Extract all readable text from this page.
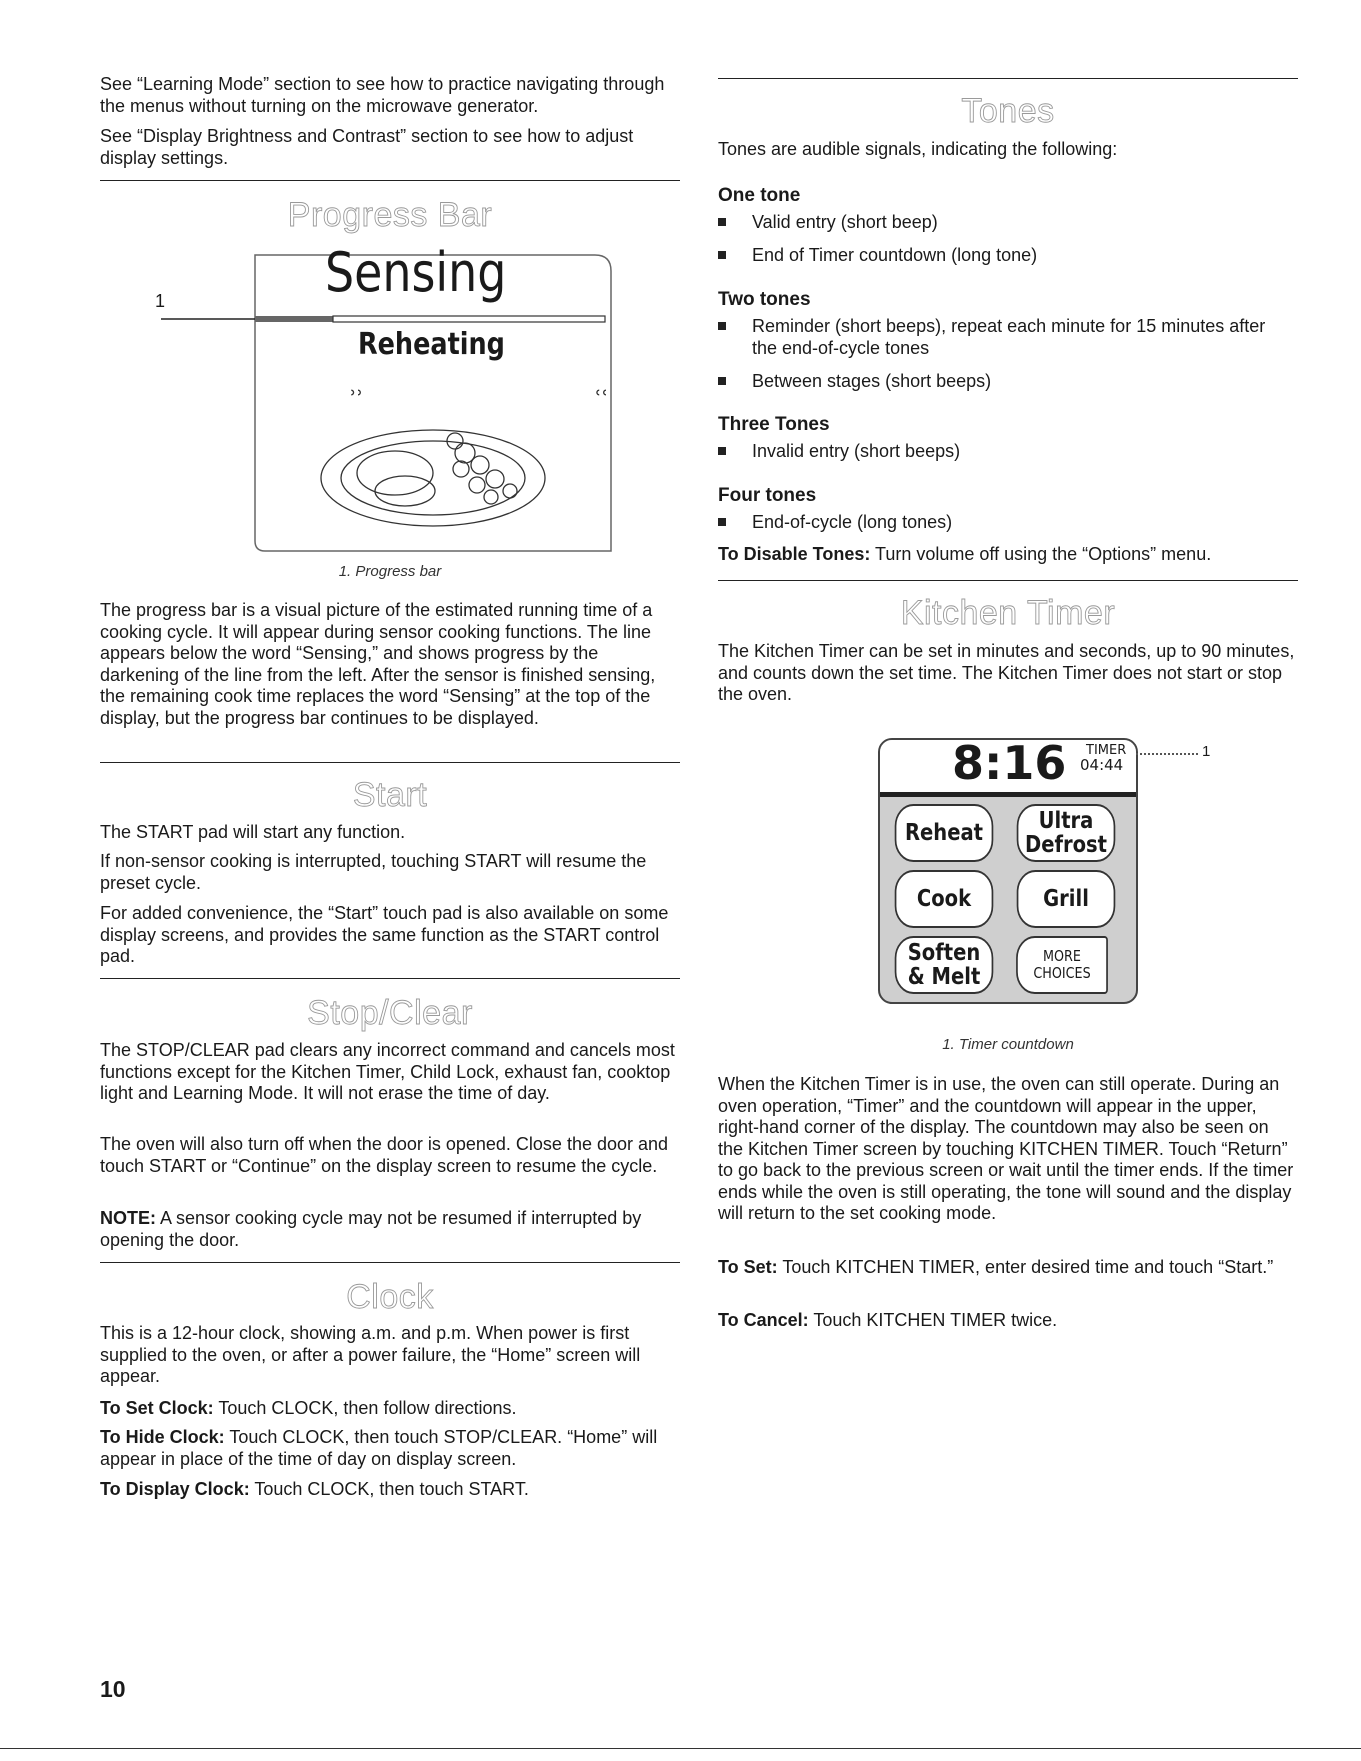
See “Learning Mode” section to see how to practice navigating through the menus without turning on the microwave generator.

See “Display Brightness and Contrast” section to see how to adjust display settings.

Progress Bar
˒˒	˓˓
1	Sensing
Reheating
1. Progress bar

The progress bar is a visual picture of the estimated running time of a cooking cycle. It will appear during sensor cooking functions. The line appears below the word “Sensing,” and shows progress by the darkening of the line from the left. After the sensor is finished sensing, the remaining cook time replaces the word “Sensing” at the top of the display, but the progress bar continues to be displayed.

Start

The START pad will start any function.

If non-sensor cooking is interrupted, touching START will resume the preset cycle.

For added convenience, the “Start” touch pad is also available on some display screens, and provides the same function as the START control pad.

Stop/Clear

The STOP/CLEAR pad clears any incorrect command and cancels most functions except for the Kitchen Timer, Child Lock, exhaust fan, cooktop light and Learning Mode. It will not erase the time of day.

The oven will also turn off when the door is opened. Close the door and touch START or “Continue” on the display screen to resume the cycle.

NOTE: A sensor cooking cycle may not be resumed if interrupted by opening the door.

Clock

This is a 12-hour clock, showing a.m. and p.m. When power is first supplied to the oven, or after a power failure, the “Home” screen will appear.

To Set Clock: Touch CLOCK, then follow directions.

To Hide Clock: Touch CLOCK, then touch STOP/CLEAR. “Home” will appear in place of the time of day on display screen.

To Display Clock: Touch CLOCK, then touch START.

10
Tones

Tones are audible signals, indicating the following:

One tone
Valid entry (short beep)
End of Timer countdown (long tone)
Two tones
Reminder (short beeps), repeat each minute for 15 minutes after the end-of-cycle tones
Between stages (short beeps)
Three Tones
Invalid entry (short beeps)
Four tones
End-of-cycle (long tones)

To Disable Tones: Turn volume off using the “Options” menu.

Kitchen Timer

The Kitchen Timer can be set in minutes and seconds, up to 90 minutes, and counts down the set time. The Kitchen Timer does not start or stop the oven.

8:16 TIMER
04:44
1
Reheat	Ultra Defrost
Cook	Grill
Soften & Melt
MORE CHOICES
1. Timer countdown

When the Kitchen Timer is in use, the oven can still operate. During an oven operation, “Timer” and the countdown will appear in the upper, right-hand corner of the display. The countdown may also be seen on the Kitchen Timer screen by touching KITCHEN TIMER. Touch “Return” to go back to the previous screen or wait until the timer ends. If the timer ends while the oven is still operating, the tone will sound and the display will return to the set cooking mode.

To Set: Touch KITCHEN TIMER, enter desired time and touch “Start.”

To Cancel: Touch KITCHEN TIMER twice.
